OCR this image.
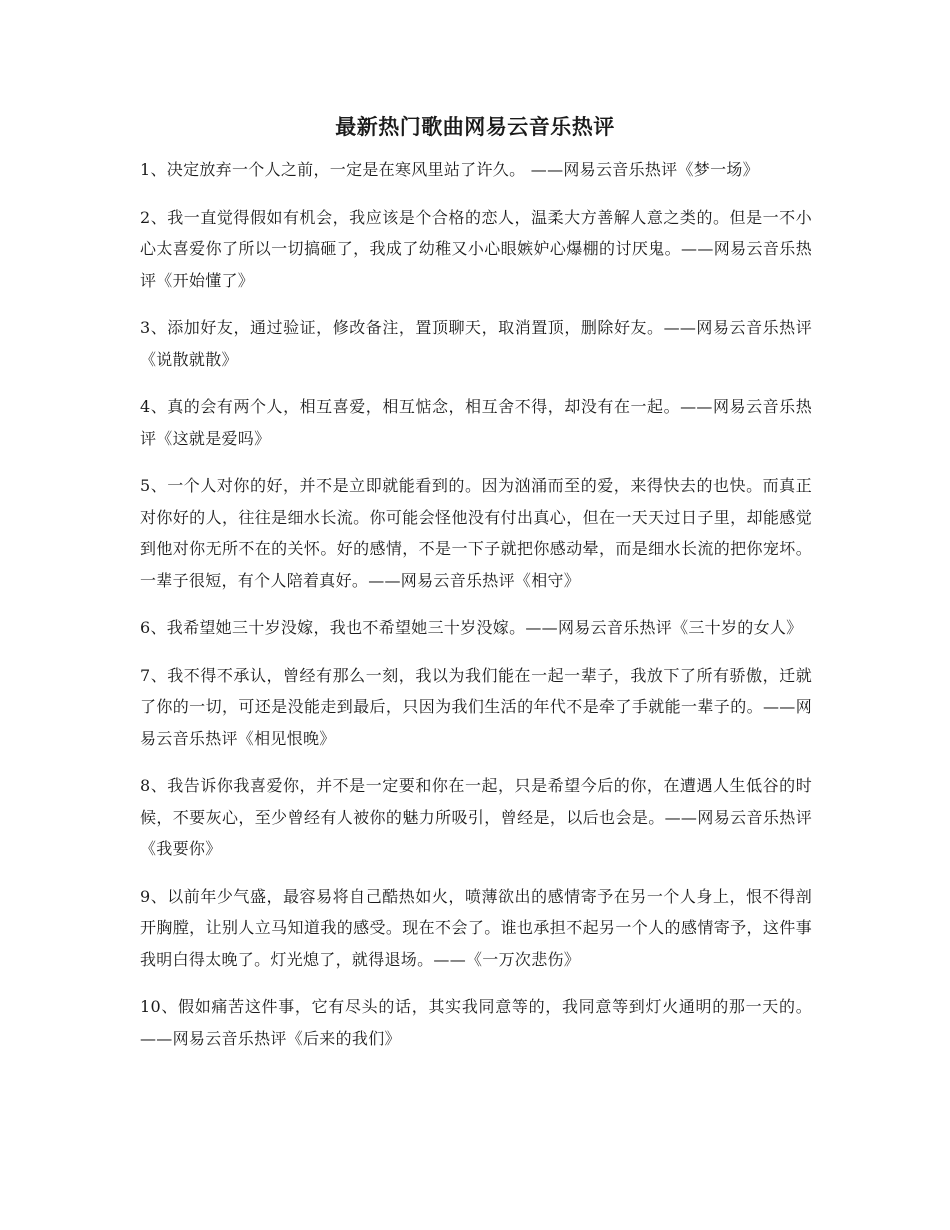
最新热门歌曲网易云音乐热评

1、决定放弃一个人之前，一定是在寒风里站了许久。 ——网易云音乐热评《梦一场》

2、我一直觉得假如有机会，我应该是个合格的恋人，温柔大方善解人意之类的。但是一不小心太喜爱你了所以一切搞砸了，我成了幼稚又小心眼嫉妒心爆棚的讨厌鬼。——网易云音乐热评《开始懂了》

3、添加好友，通过验证，修改备注，置顶聊天，取消置顶，删除好友。——网易云音乐热评《说散就散》

4、真的会有两个人，相互喜爱，相互惦念，相互舍不得，却没有在一起。——网易云音乐热评《这就是爱吗》

5、一个人对你的好，并不是立即就能看到的。因为汹涌而至的爱，来得快去的也快。而真正对你好的人，往往是细水长流。你可能会怪他没有付出真心，但在一天天过日子里，却能感觉到他对你无所不在的关怀。好的感情，不是一下子就把你感动晕，而是细水长流的把你宠坏。一辈子很短，有个人陪着真好。——网易云音乐热评《相守》

6、我希望她三十岁没嫁，我也不希望她三十岁没嫁。——网易云音乐热评《三十岁的女人》

7、我不得不承认，曾经有那么一刻，我以为我们能在一起一辈子，我放下了所有骄傲，迁就了你的一切，可还是没能走到最后，只因为我们生活的年代不是牵了手就能一辈子的。——网易云音乐热评《相见恨晚》

8、我告诉你我喜爱你，并不是一定要和你在一起，只是希望今后的你，在遭遇人生低谷的时候，不要灰心，至少曾经有人被你的魅力所吸引，曾经是，以后也会是。——网易云音乐热评《我要你》

9、以前年少气盛，最容易将自己酷热如火，喷薄欲出的感情寄予在另一个人身上，恨不得剖开胸膛，让别人立马知道我的感受。现在不会了。谁也承担不起另一个人的感情寄予，这件事我明白得太晚了。灯光熄了，就得退场。——《一万次悲伤》

10、假如痛苦这件事，它有尽头的话，其实我同意等的，我同意等到灯火通明的那一天的。——网易云音乐热评《后来的我们》
